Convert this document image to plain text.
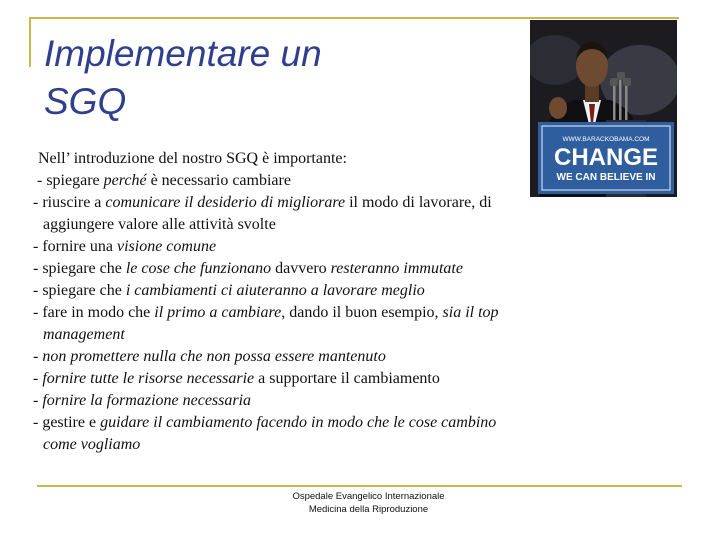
Implementare un
SGQ
WWW.BARACKOBAMA.COM
CHANGE
WE CAN BELIEVE IN
Nell’ introduzione del nostro SGQ è importante:
- spiegare perché è necessario cambiare
- riuscire a comunicare il desiderio di migliorare il modo di lavorare, di
aggiungere valore alle attività svolte
- fornire una visione comune
- spiegare che le cose che funzionano davvero resteranno immutate
- spiegare che i cambiamenti ci aiuteranno a lavorare meglio
- fare in modo che il primo a cambiare, dando il buon esempio, sia il top
management
- non promettere nulla che non possa essere mantenuto
- fornire tutte le risorse necessarie a supportare il cambiamento
- fornire la formazione necessaria
- gestire e guidare il cambiamento facendo in modo che le cose cambino
come vogliamo
Ospedale Evangelico Internazionale
Medicina della Riproduzione
